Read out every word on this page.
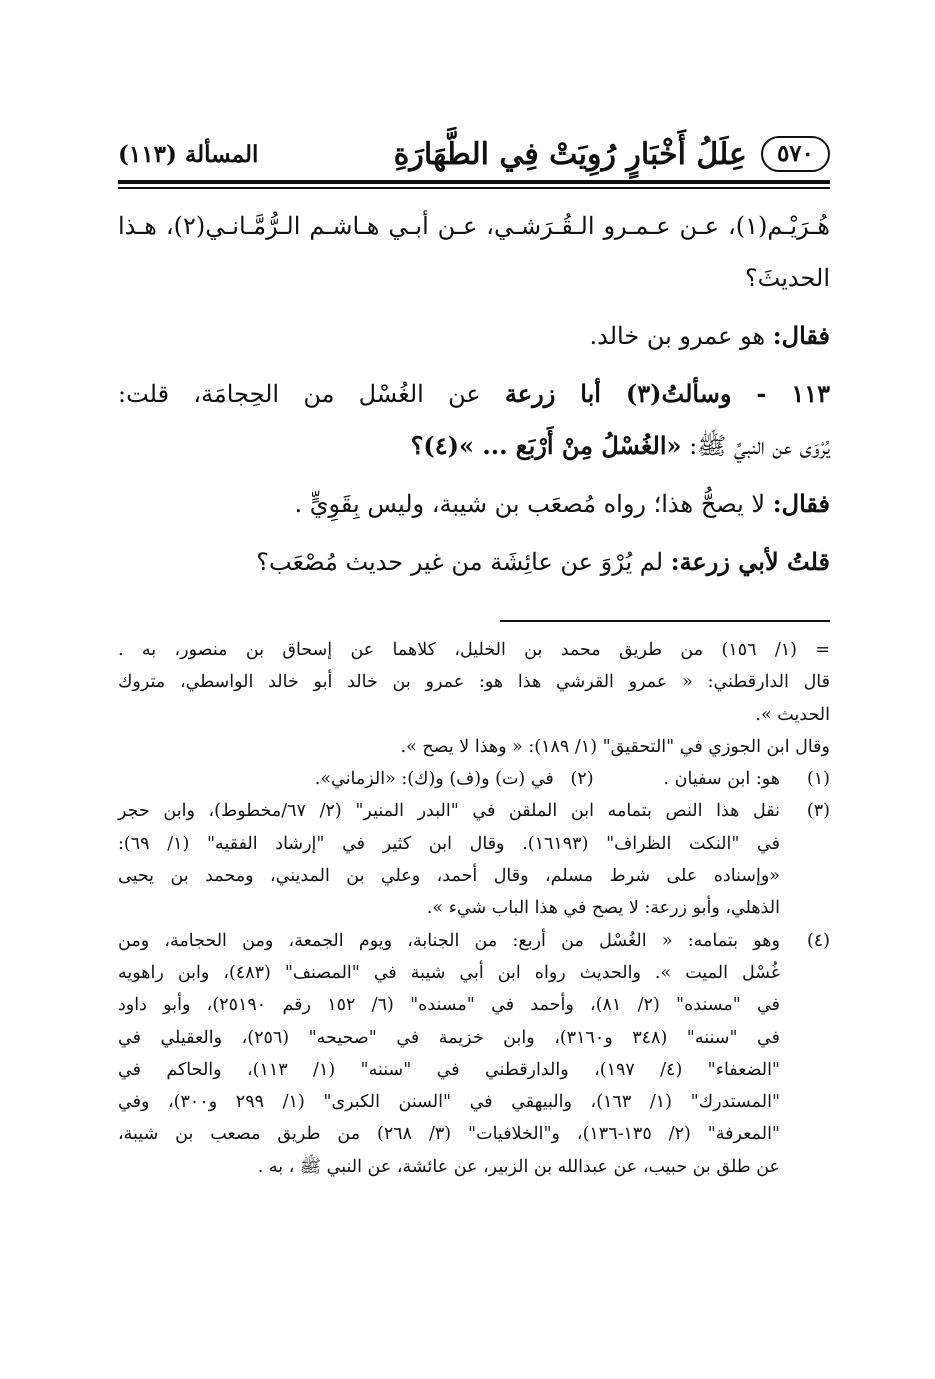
٥٧٠
عِلَلُ أَخْبَارٍ رُوِيَتْ فِي الطَّهَارَةِ
المسألة (١١٣)
هُـرَيْـم(١)، عـن عـمـرو الـقُـرَشـي، عـن أبـي هـاشـم الـرُّمَّـانـي(٢)، هـذا
الحديثَ؟
فقال: هو عمرو بن خالد.
١١٣ - وسألتُ(٣) أبا زرعة عن الغُسْل من الحِجامَة، قلت:
يُرْوَى عن النبيِّ ﷺ: «الغُسْلُ مِنْ أَرْبَع ... »(٤)؟
فقال: لا يصحُّ هذا؛ رواه مُصعَب بن شيبة، وليس بِقَوِيٍّ .
قلتُ لأبي زرعة: لم يُرْوَ عن عائِشَة من غير حديث مُصْعَب؟
= (١/ ١٥٦) من طريق محمد بن الخليل، كلاهما عن إسحاق بن منصور، به .
قال الدارقطني: « عمرو القرشي هذا هو: عمرو بن خالد أبو خالد الواسطي، متروك
الحديث ».
وقال ابن الجوزي في "التحقيق" (١/ ١٨٩): « وهذا لا يصح ».
(١)هو: ابن سفيان .(٢)   في (ت) و(ف) و(ك): «الزماني».
(٣)نقل هذا النص بتمامه ابن الملقن في "البدر المنير" (٢/ ٦٧/مخطوط)، وابن حجر
في "النكت الظراف" (١٦١٩٣). وقال ابن كثير في "إرشاد الفقيه" (١/ ٦٩):
«وإسناده على شرط مسلم، وقال أحمد، وعلي بن المديني، ومحمد بن يحيى
الذهلي، وأبو زرعة: لا يصح في هذا الباب شيء ».
(٤)وهو بتمامه: « الغُسْل من أربع: من الجنابة، ويوم الجمعة، ومن الحجامة، ومن
غُسْل الميت ». والحديث رواه ابن أبي شيبة في "المصنف" (٤٨٣)، وابن راهويه
في "مسنده" (٢/ ٨١)، وأحمد في "مسنده" (٦/ ١٥٢ رقم ٢٥١٩٠)، وأبو داود
في "سننه" (٣٤٨ و٣١٦٠)، وابن خزيمة في "صحيحه" (٢٥٦)، والعقيلي في
"الضعفاء" (٤/ ١٩٧)، والدارقطني في "سننه" (١/ ١١٣)، والحاكم في
"المستدرك" (١/ ١٦٣)، والبيهقي في "السنن الكبرى" (١/ ٢٩٩ و٣٠٠)، وفي
"المعرفة" (٢/ ١٣٥-١٣٦)، و"الخلافيات" (٣/ ٢٦٨) من طريق مصعب بن شيبة،
عن طلق بن حبيب، عن عبدالله بن الزبير، عن عائشة، عن النبي ﷺ ، به .
